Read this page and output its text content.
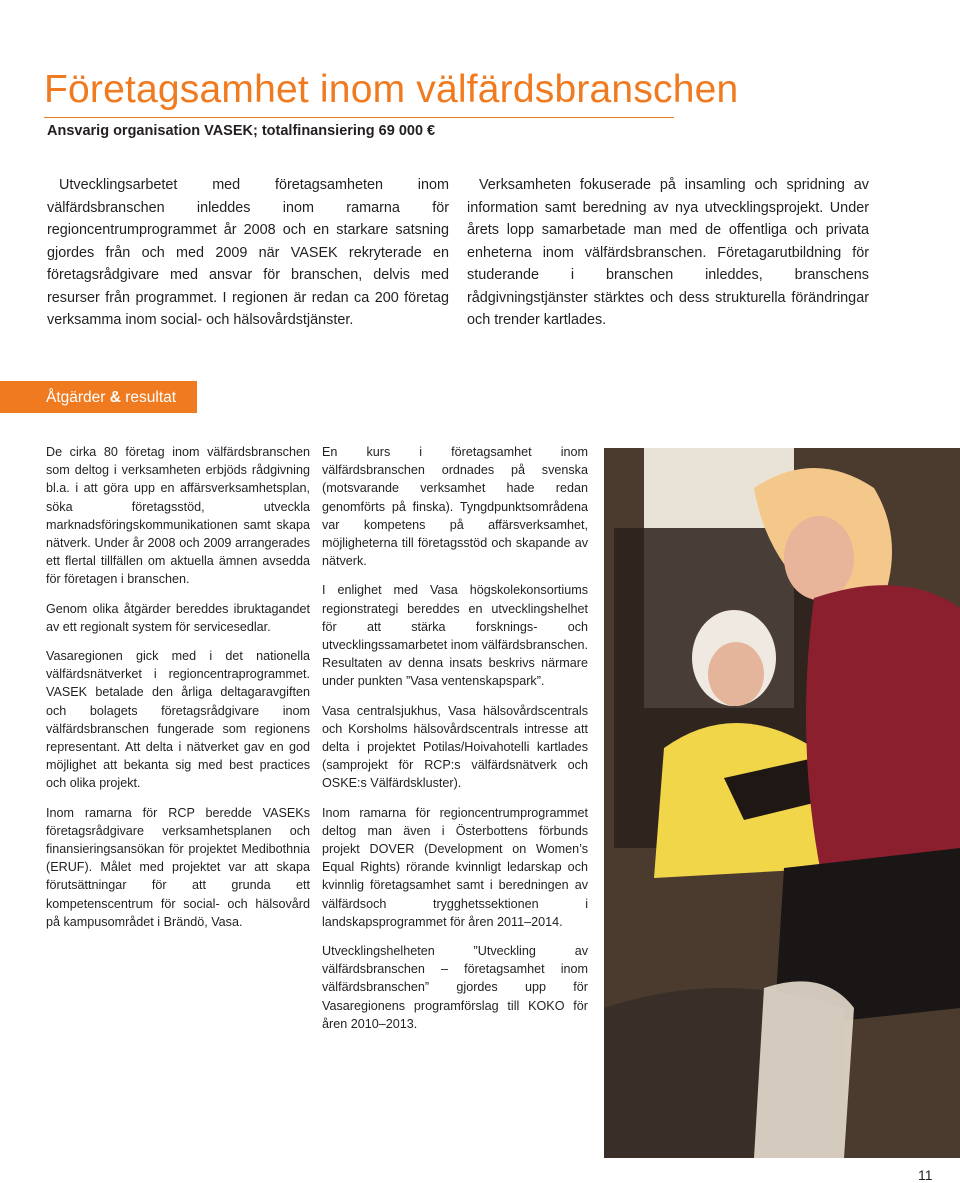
Företagsamhet inom välfärdsbranschen
Ansvarig organisation VASEK; totalfinansiering 69 000 €

Utvecklingsarbetet med företagsamheten inom välfärdsbranschen inleddes inom ramarna för regioncentrumprogrammet år 2008 och en starkare satsning gjordes från och med 2009 när VASEK rekryterade en företagsrådgivare med ansvar för branschen, delvis med resurser från programmet. I regionen är redan ca 200 företag verksamma inom social- och hälsovårdstjänster.

Verksamheten fokuserade på insamling och spridning av information samt beredning av nya utvecklingsprojekt. Under årets lopp samarbetade man med de offentliga och privata enheterna inom välfärdsbranschen. Företagarutbildning för studerande i branschen inleddes, branschens rådgivningstjänster stärktes och dess strukturella förändringar och trender kartlades.

Åtgärder & resultat

De cirka 80 företag inom välfärdsbranschen som deltog i verksamheten erbjöds rådgivning bl.a. i att göra upp en affärsverksamhetsplan, söka företagsstöd, utveckla marknadsföringskommunikationen samt skapa nätverk. Under år 2008 och 2009 arrangerades ett flertal tillfällen om aktuella ämnen avsedda för företagen i branschen.

Genom olika åtgärder bereddes ibruktagandet av ett regionalt system för servicesedlar.

Vasaregionen gick med i det nationella välfärdsnätverket i regioncentraprogrammet. VASEK betalade den årliga deltagaravgiften och bolagets företagsrådgivare inom välfärdsbranschen fungerade som regionens representant. Att delta i nätverket gav en god möjlighet att bekanta sig med best practices och olika projekt.

Inom ramarna för RCP beredde VASEKs företagsrådgivare verksamhetsplanen och finansieringsansökan för projektet Medibothnia (ERUF). Målet med projektet var att skapa förutsättningar för att grunda ett kompetenscentrum för social- och hälsovård på kampusområdet i Brändö, Vasa.

En kurs i företagsamhet inom välfärdsbranschen ordnades på svenska (motsvarande verksamhet hade redan genomförts på finska). Tyngdpunktsområdena var kompetens på affärsverksamhet, möjligheterna till företagsstöd och skapande av nätverk.

I enlighet med Vasa högskolekonsortiums regionstrategi bereddes en utvecklingshelhet för att stärka forsknings- och utvecklingssamarbetet inom välfärdsbranschen. Resultaten av denna insats beskrivs närmare under punkten ”Vasa ventenskapspark”.

Vasa centralsjukhus, Vasa hälsovårdscentrals och Korsholms hälsovårdscentrals intresse att delta i projektet Potilas/Hoivahotelli kartlades (samprojekt för RCP:s välfärdsnätverk och OSKE:s Välfärdskluster).

Inom ramarna för regioncentrumprogrammet deltog man även i Österbottens förbunds projekt DOVER (Development on Women’s Equal Rights) rörande kvinnligt ledarskap och kvinnlig företagsamhet samt i beredningen av välfärdsoch trygghetssektionen i landskapsprogrammet för åren 2011–2014.

Utvecklingshelheten ”Utveckling av välfärdsbranschen – företagsamhet inom välfärdsbranschen” gjordes upp för Vasaregionens programförslag till KOKO för åren 2010–2013.

11
